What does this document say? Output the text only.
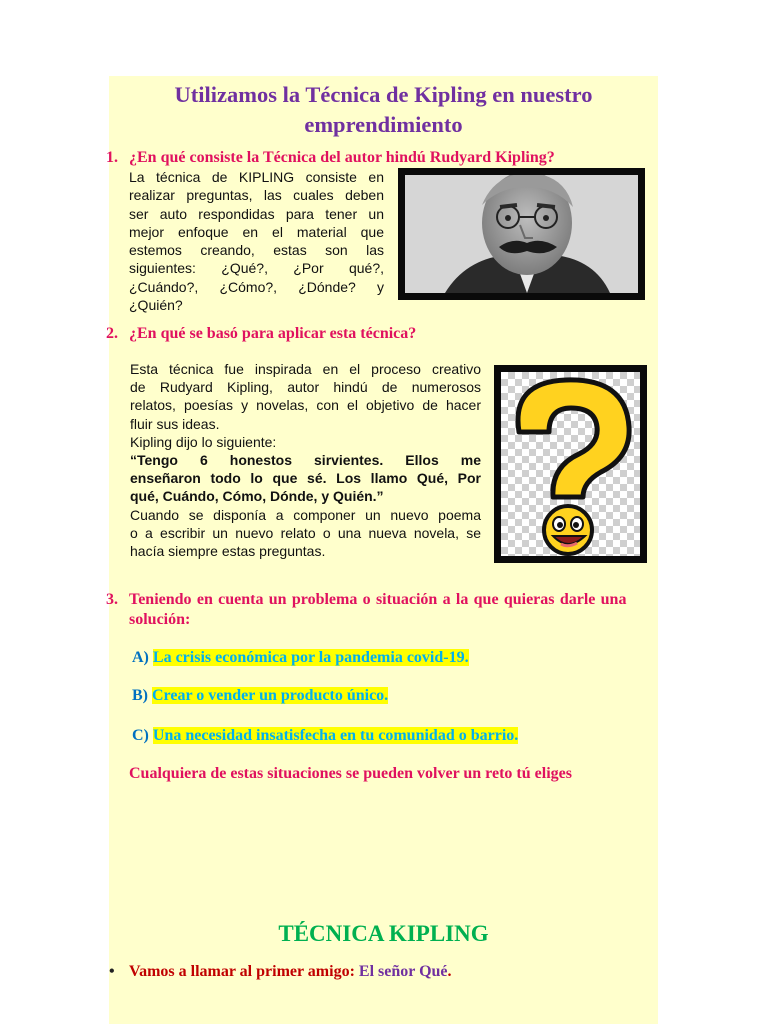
Utilizamos la Técnica de Kipling en nuestro
emprendimiento
1. ¿En qué consiste la Técnica del autor hindú Rudyard Kipling?
La técnica de KIPLING consiste en
realizar preguntas, las cuales deben
ser auto respondidas para tener un
mejor enfoque en el material que
estemos creando, estas son las
siguientes: ¿Qué?, ¿Por qué?,
¿Cuándo?, ¿Cómo?, ¿Dónde? y
¿Quién?
2. ¿En qué se basó para aplicar esta técnica?
Esta técnica fue inspirada en el proceso creativo
de Rudyard Kipling, autor hindú de numerosos
relatos, poesías y novelas, con el objetivo de hacer
fluir sus ideas.
Kipling dijo lo siguiente:
“Tengo 6 honestos sirvientes. Ellos me
enseñaron todo lo que sé. Los llamo Qué, Por
qué, Cuándo, Cómo, Dónde, y Quién.”
Cuando se disponía a componer un nuevo poema
o a escribir un nuevo relato o una nueva novela, se
hacía siempre estas preguntas.
3. Teniendo en cuenta un problema o situación a la que quieras darle una
solución:
A) La crisis económica por la pandemia covid-19.
B) Crear o vender un producto único.
C) Una necesidad insatisfecha en tu comunidad o barrio.
Cualquiera de estas situaciones se pueden volver un reto tú eliges
TÉCNICA KIPLING
• Vamos a llamar al primer amigo: El señor Qué.
